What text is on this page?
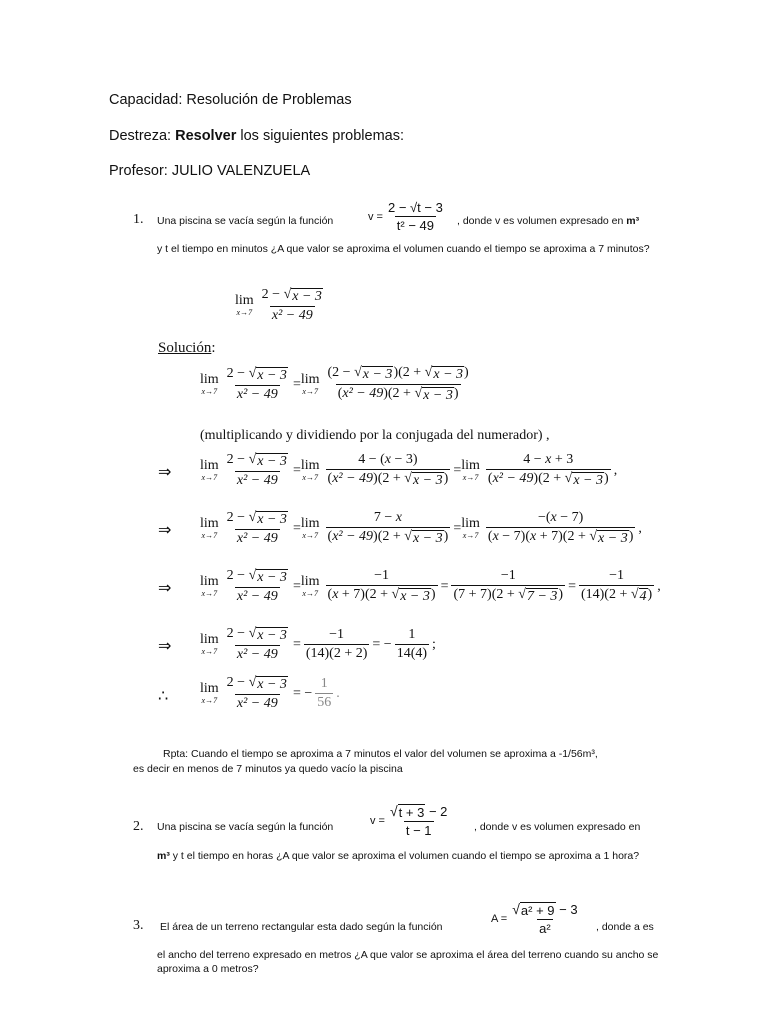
Capacidad: Resolución de Problemas
Destreza: Resolver los siguientes problemas:
Profesor: JULIO VALENZUELA
1. Una piscina se vacía según la función	$v = \frac{2 - √t - 3}{\text{t² − 49}}$ , donde v es volumen expresado en m³
y t el tiempo en minutos ¿A que valor se aproxima el volumen cuando el tiempo se aproxima a 7 minutos?
lim
$x\to 7 \frac{2 - √ x - 3}{\text{x² − 49}}$
Solución:
lim
$x\to 7 \frac{2 - √ x - 3}{\text{x² − 49}} = \lim$
$x\to 7 \frac{(2 - √ x - 3 )(2 + √ x - 3 )}{\text{(x² − 49)(2 + √ x − 3 )}}$
(multiplicando y dividiendo por la conjugada del numerador) ,
⇒ lim
$x\to 7 \frac{2 - √ x - 3}{\text{x² − 49}} = \lim$
$x\to 7 \frac{4 - (x - 3)}{\text{(x² − 49)(2 + √ x − 3 )}} = \lim$
$x\to 7 \frac{4 - x + 3}{\text{(x² − 49)(2 + √ x − 3 )}}$ ,
⇒ lim
$x\to 7 \frac{2 - √ x - 3}{\text{x² − 49}} = \lim$
$x\to 7 \frac{7 - x}{\text{(x² − 49)(2 + √ x − 3 )}} = \lim$
$x\to 7 \frac{-(x - 7)}{(x - 7)(x + 7)(2 + √ x - 3 )}$ ,
⇒ lim
$x\to 7 \frac{2 - √ x - 3}{\text{x² − 49}} = \lim$
$x\to 7 \frac{-1}{(x + 7)(2 + √ x - 3 )} = \frac{-1}{(7 + 7)(2 + √ 7 - 3 )} = \frac{-1}{(14)(2 + √ 4 )}$ ,
⇒ lim
$x\to 7 \frac{2 - √ x - 3}{\text{x² − 49}} = \frac{-1}{(14)(2 + 2)}$ = − $\frac{1}{14(4)}$ ;
∴ lim
$x\to 7 \frac{2 - √ x - 3}{\text{x² − 49}}$ = − $\frac{1}{56}$ .
Rpta: Cuando el tiempo se aproxima a 7 minutos el valor del volumen se aproxima a -1/56m³,
es decir en menos de 7 minutos ya quedo vacío la piscina
2. Una piscina se vacía según la función	$v = \frac{√ t + 3 - 2}{t - 1}$ , donde v es volumen expresado en
m³ y t el tiempo en horas ¿A que valor se aproxima el volumen cuando el tiempo se aproxima a 1 hora?
3. El área de un terreno rectangular esta dado según la función
$A = \frac{\text{√ a² + 9 − 3}}{\text{a²}}$ , donde a es
el ancho del terreno expresado en metros ¿A que valor se aproxima el área del terreno cuando su ancho se aproxima a 0 metros?
